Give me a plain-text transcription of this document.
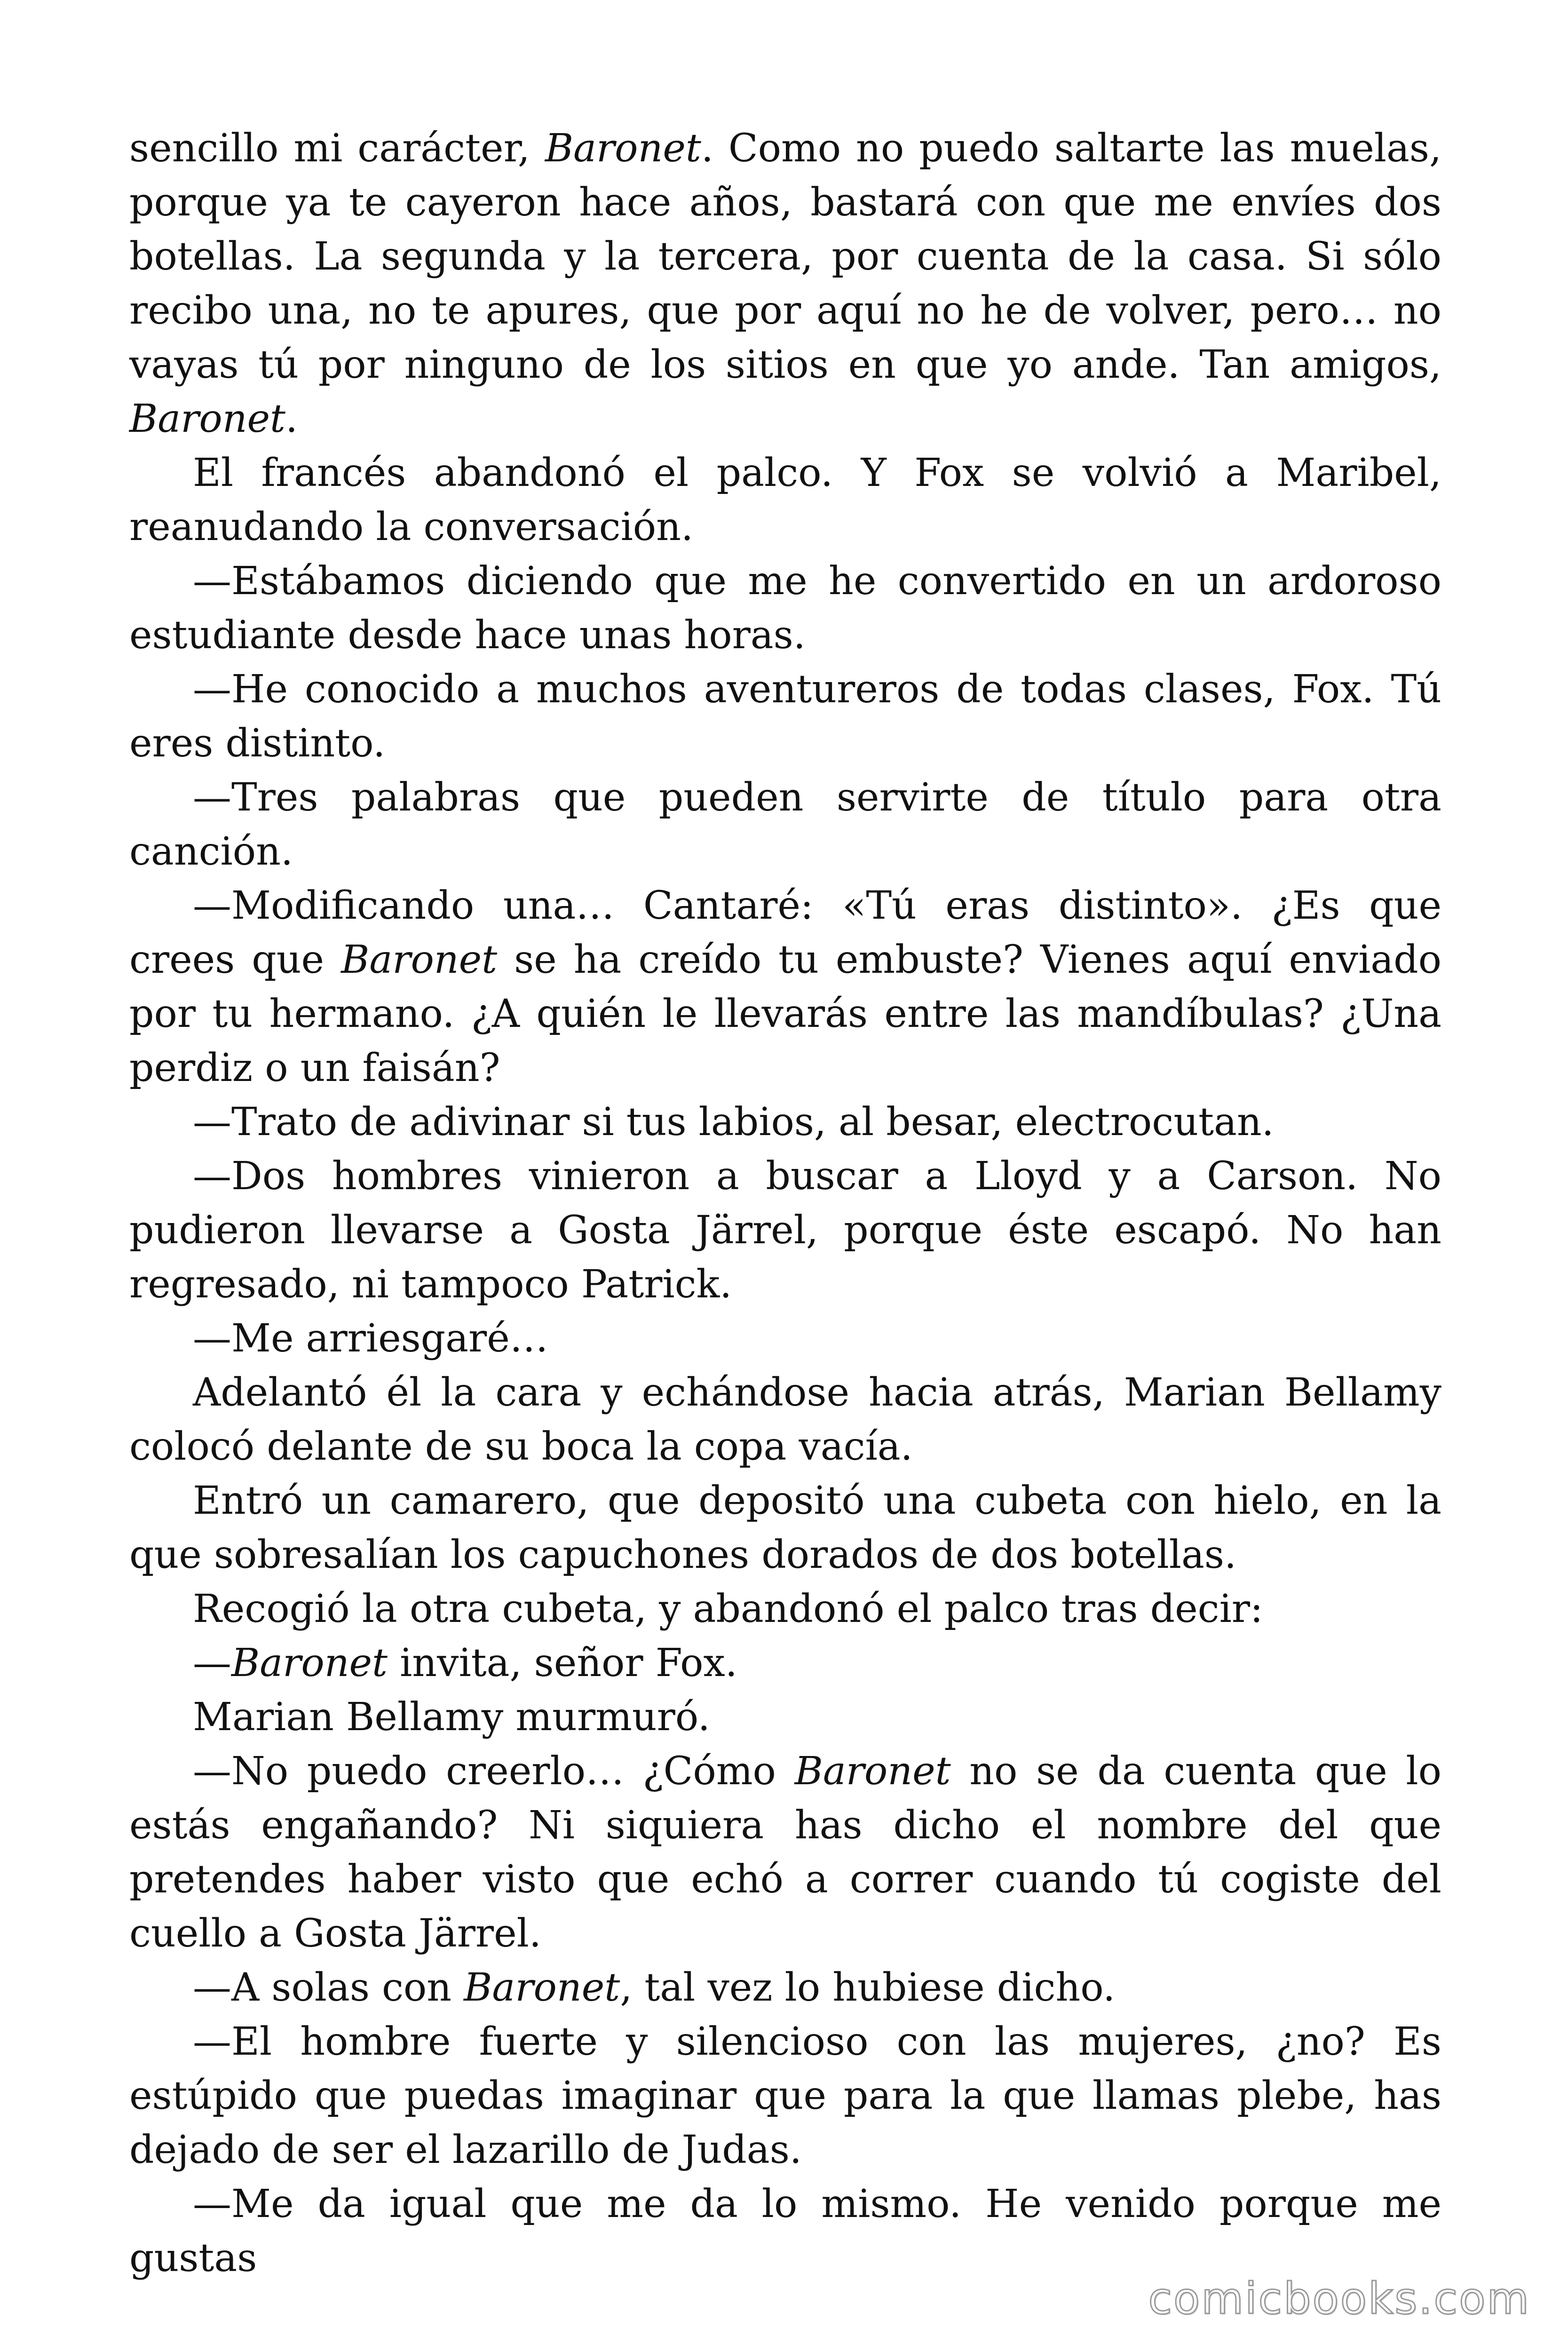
sencillo mi carácter, Baronet. Como no puedo saltarte las muelas, porque ya te cayeron hace años, bastará con que me envíes dos botellas. La segunda y la tercera, por cuenta de la casa. Si sólo recibo una, no te apures, que por aquí no he de volver, pero… no vayas tú por ninguno de los sitios en que yo ande. Tan amigos, Baronet.

El francés abandonó el palco. Y Fox se volvió a Maribel, reanudando la conversación.

—Estábamos diciendo que me he convertido en un ardoroso estudiante desde hace unas horas.

—He conocido a muchos aventureros de todas clases, Fox. Tú eres distinto.

—Tres palabras que pueden servirte de título para otra canción.

—Modificando una… Cantaré: «Tú eras distinto». ¿Es que crees que Baronet se ha creído tu embuste? Vienes aquí enviado por tu hermano. ¿A quién le llevarás entre las mandíbulas? ¿Una perdiz o un faisán?

—Trato de adivinar si tus labios, al besar, electrocutan.

—Dos hombres vinieron a buscar a Lloyd y a Carson. No pudieron llevarse a Gosta Järrel, porque éste escapó. No han regresado, ni tampoco Patrick.

—Me arriesgaré…

Adelantó él la cara y echándose hacia atrás, Marian Bellamy colocó delante de su boca la copa vacía.

Entró un camarero, que depositó una cubeta con hielo, en la que sobresalían los capuchones dorados de dos botellas.

Recogió la otra cubeta, y abandonó el palco tras decir:

—Baronet invita, señor Fox.

Marian Bellamy murmuró.

—No puedo creerlo… ¿Cómo Baronet no se da cuenta que lo estás engañando? Ni siquiera has dicho el nombre del que pretendes haber visto que echó a correr cuando tú cogiste del cuello a Gosta Järrel.

—A solas con Baronet, tal vez lo hubiese dicho.

—El hombre fuerte y silencioso con las mujeres, ¿no? Es estúpido que puedas imaginar que para la que llamas plebe, has dejado de ser el lazarillo de Judas.

—Me da igual que me da lo mismo. He venido porque me gustas

comicbooks.com
